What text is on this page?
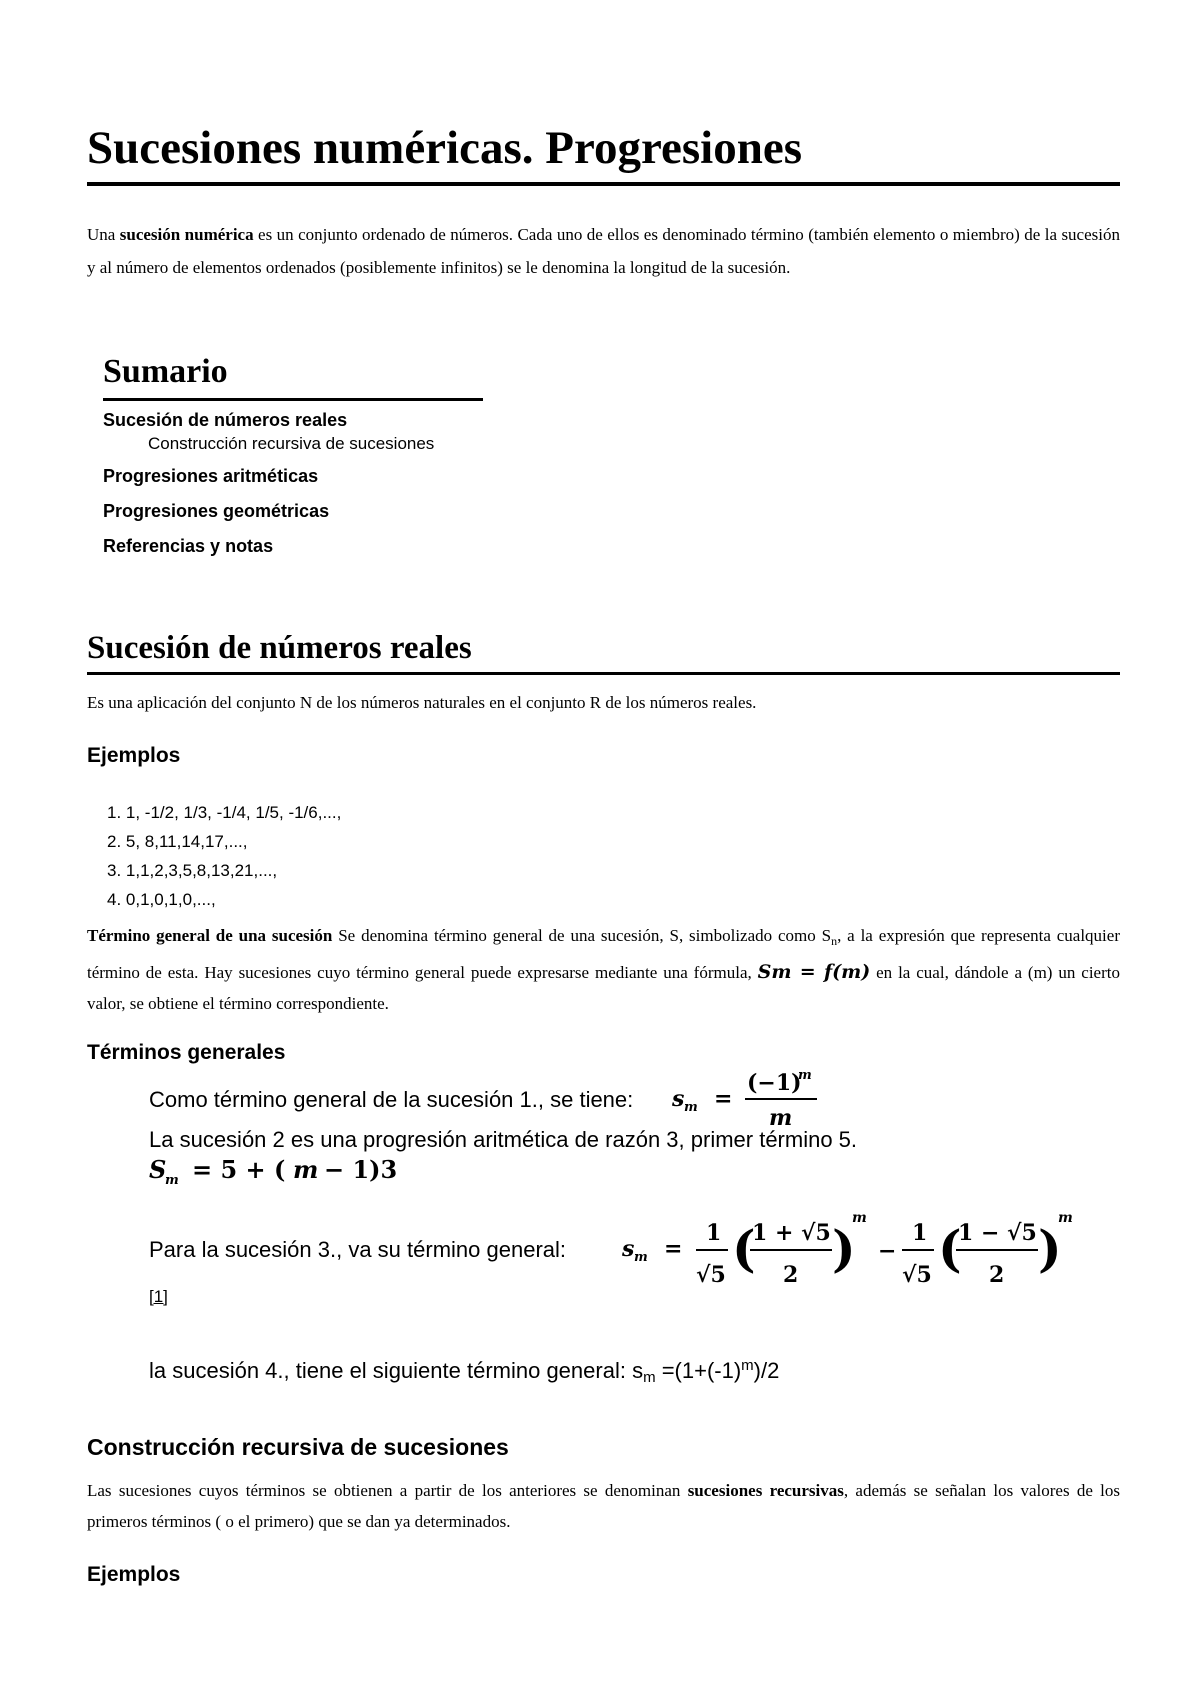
Sucesiones numéricas. Progresiones

Una sucesión numérica es un conjunto ordenado de números. Cada uno de ellos es denominado término (también elemento o miembro) de la sucesión y al número de elementos ordenados (posiblemente infinitos) se le denomina la longitud de la sucesión.

Sumario
Sucesión de números reales
Construcción recursiva de sucesiones
Progresiones aritméticas
Progresiones geométricas
Referencias y notas
Sucesión de números reales

Es una aplicación del conjunto N de los números naturales en el conjunto R de los números reales.

Ejemplos
1. 1, -1/2, 1/3, -1/4, 1/5, -1/6,...,
2. 5, 8,11,14,17,...,
3. 1,1,2,3,5,8,13,21,...,
4. 0,1,0,1,0,...,

Término general de una sucesión Se denomina término general de una sucesión, S, simbolizado como $S_n$, a la expresión que representa cualquier término de esta. Hay sucesiones cuyo término general puede expresarse mediante una fórmula, Sm = f(m) en la cual, dándole a (m) un cierto valor, se obtiene el término correspondiente.

Términos generales
Como término general de la sucesión 1., se tiene: s m =
(−1)
m
m
La sucesión 2 es una progresión aritmética de razón 3, primer término 5.
S
m = 5 + ( m − 1)3
Para la sucesión 3., va su término general:	s m =
1
√5 (
1 + √5
2 )
m
−
1
√5 (
1 − √5
2 )
m
[1]
la sucesión 4., tiene el siguiente término general: $s_m =(1+(-1)^m)/2$
Construcción recursiva de sucesiones

Las sucesiones cuyos términos se obtienen a partir de los anteriores se denominan sucesiones recursivas, además se señalan los valores de los primeros términos ( o el primero) que se dan ya determinados.

Ejemplos
